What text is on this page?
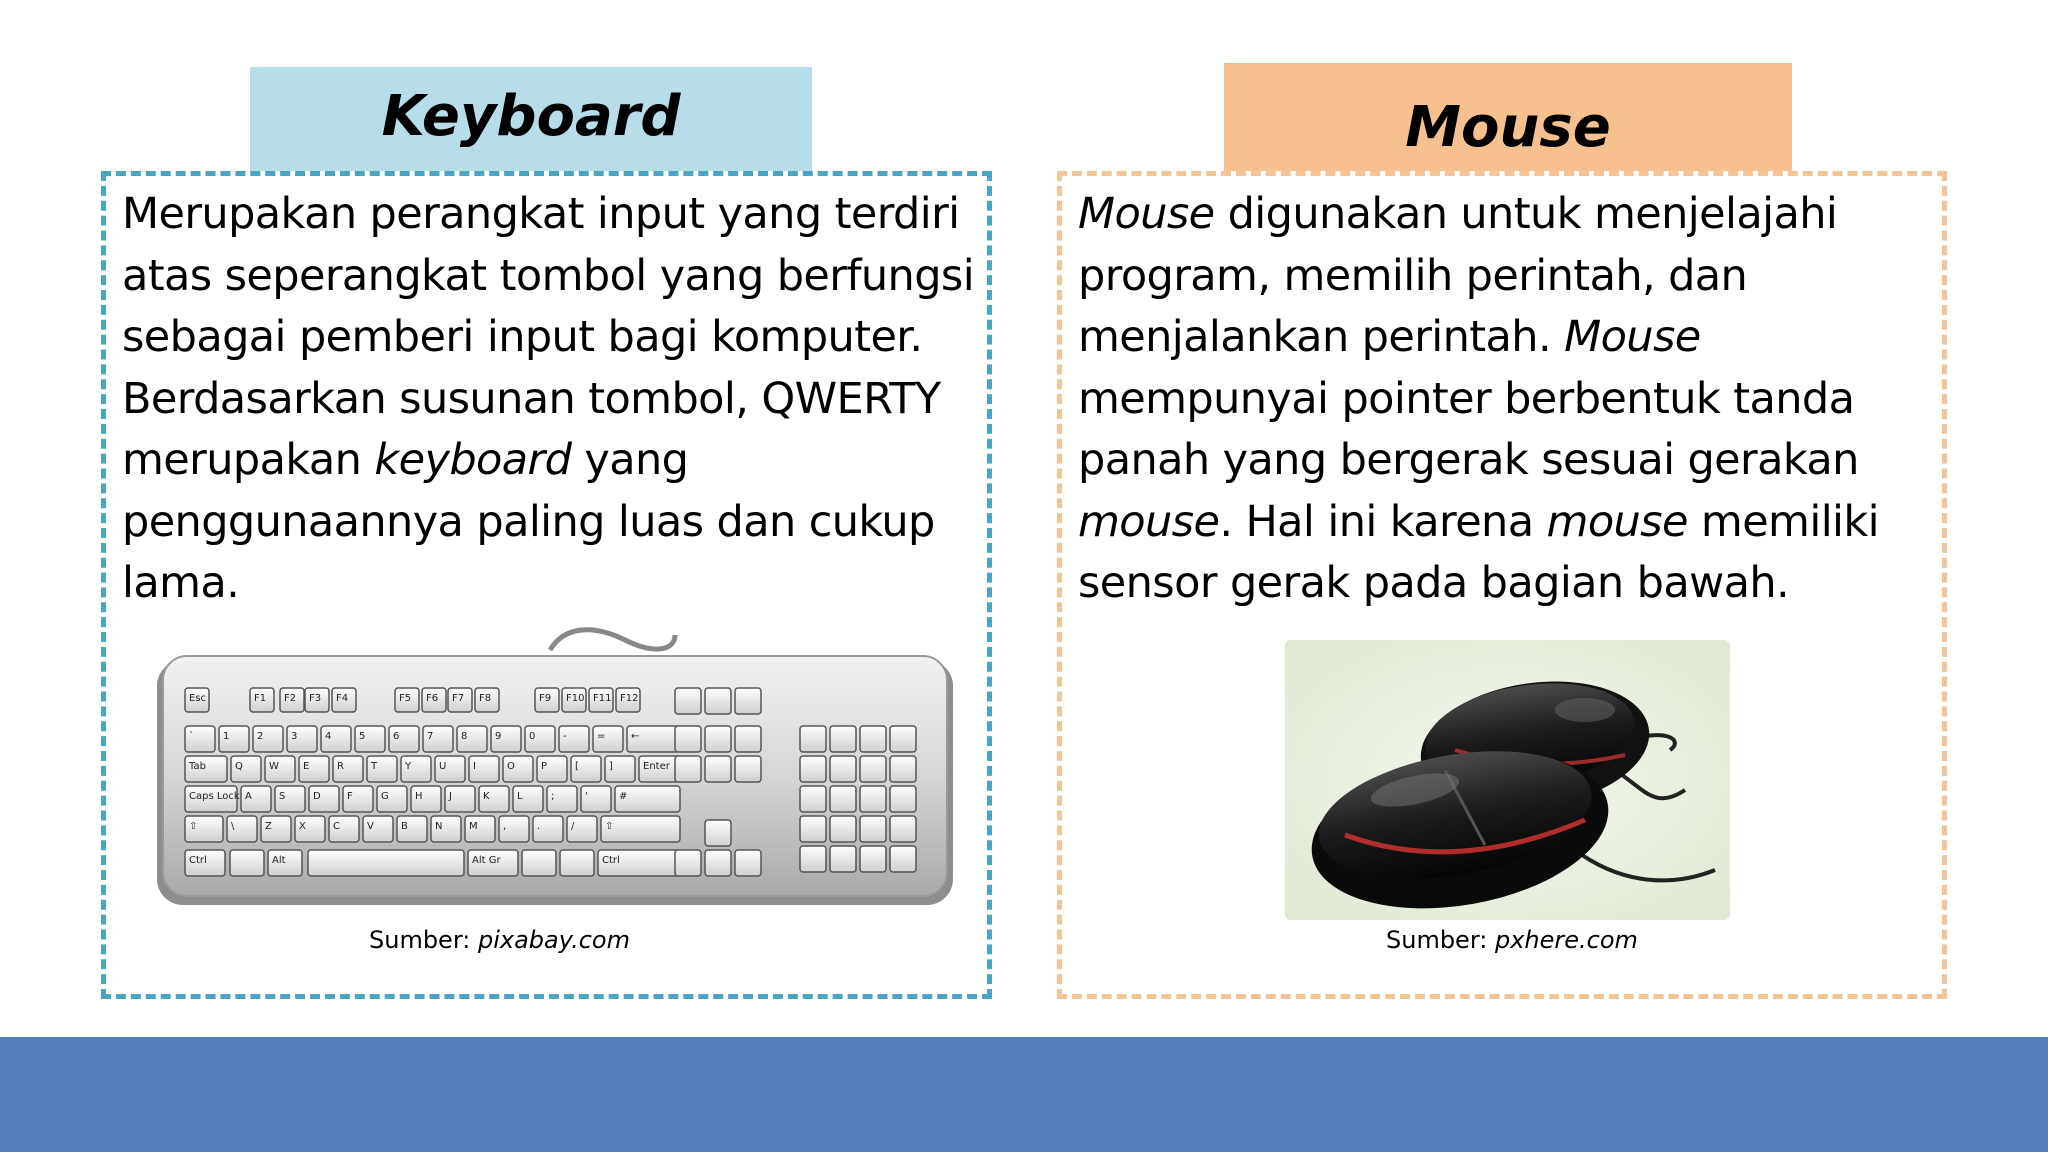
Keyboard	Mouse

Merupakan perangkat input yang terdiri
atas seperangkat tombol yang berfungsi
sebagai pemberi input bagi komputer.
Berdasarkan susunan tombol, QWERTY
merupakan keyboard yang
penggunaannya paling luas dan cukup
lama.

Mouse digunakan untuk menjelajahi
program, memilih perintah, dan
menjalankan perintah. Mouse
mempunyai pointer berbentuk tanda
panah yang bergerak sesuai gerakan
mouse. Hal ini karena mouse memiliki
sensor gerak pada bagian bawah.

Esc	F1 F2 F3 F4	F5 F6 F7 F8	F9 F10 F11 F12
`	1	2	3	4	5	6	7	8	9	0	-	=	←
Tab	Q	W E	R	T	Y	U	I	O	P	[	]	Enter
Caps Lock A	S	D	F	G	H	J	K	L	;	'	#
⇧	\	Z	X	C	V	B	N	M	,	.	/	⇧
Ctrl	Alt	Alt Gr	Ctrl
Sumber: pixabay.com	Sumber: pxhere.com
